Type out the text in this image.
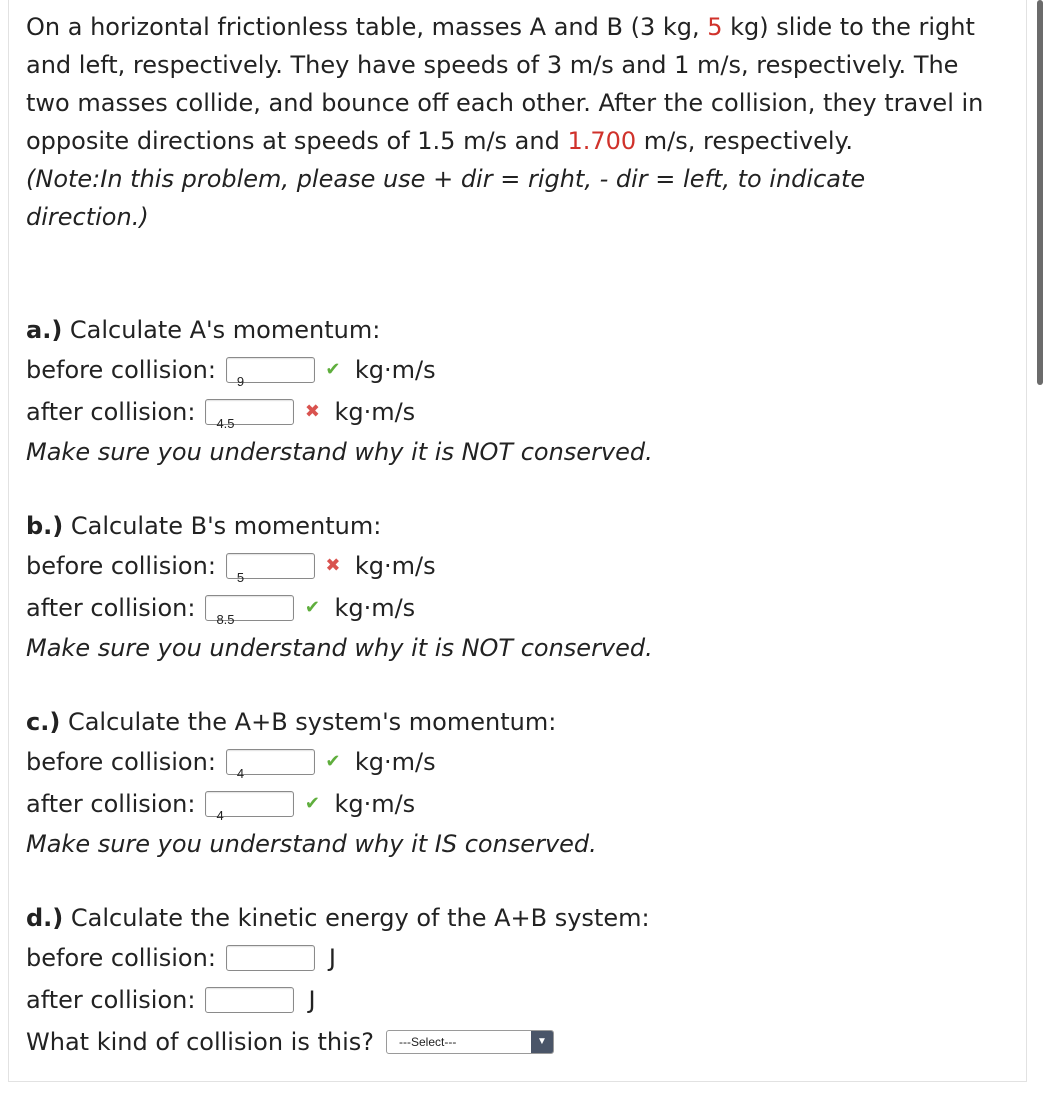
On a horizontal frictionless table, masses A and B (3 kg, 5 kg) slide to the right and left, respectively. They have speeds of 3 m/s and 1 m/s, respectively. The two masses collide, and bounce off each other. After the collision, they travel in opposite directions at speeds of 1.5 m/s and 1.700 m/s, respectively.

(Note:In this problem, please use + dir = right, - dir = left, to indicate direction.)

a.) Calculate A's momentum:

before collision:	9
✔ kg·m/s
after collision:	4.5
✖ kg·m/s

Make sure you understand why it is NOT conserved.

b.) Calculate B's momentum:

before collision:	5
✖ kg·m/s
after collision:	8.5
✔ kg·m/s

Make sure you understand why it is NOT conserved.

c.) Calculate the A+B system's momentum:

before collision:	4
✔ kg·m/s
after collision:	4
✔ kg·m/s

Make sure you understand why it IS conserved.

d.) Calculate the kinetic energy of the A+B system:

before collision:	J
after collision:	J
What kind of collision is this? ---Select---	▼
